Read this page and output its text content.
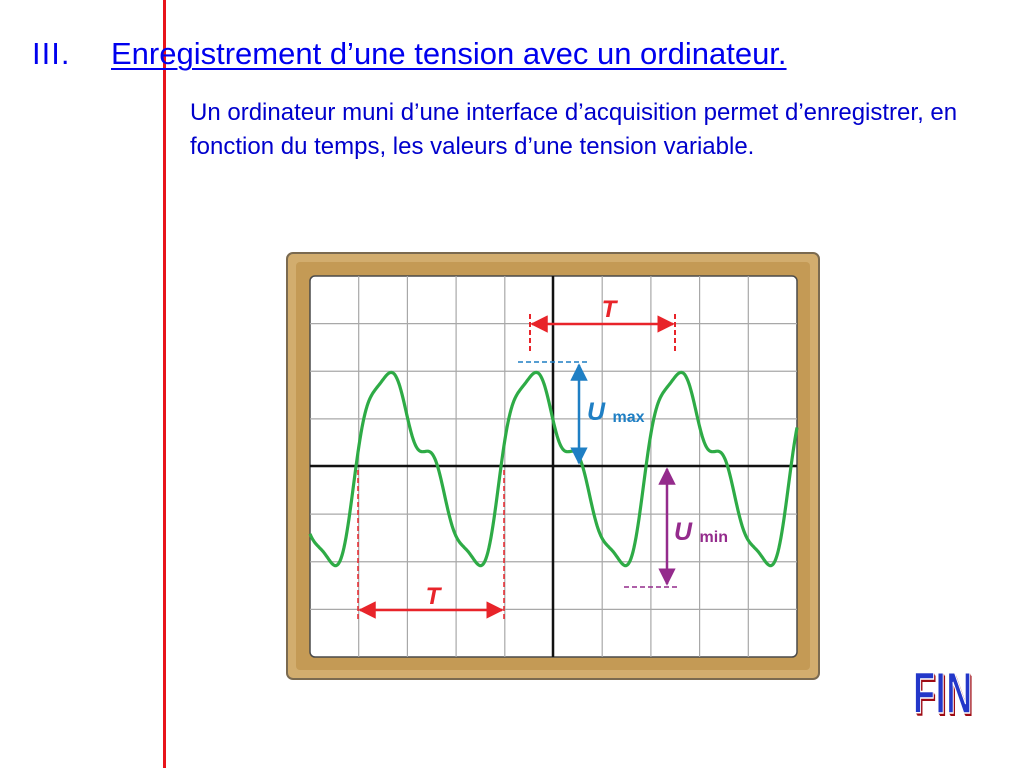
III. Enregistrement d’une tension avec un ordinateur.
Un ordinateur muni d’une interface d’acquisition permet d’enregistrer, en fonction du temps, les valeurs d’une tension variable.
T
T
U max
U min
FIN
